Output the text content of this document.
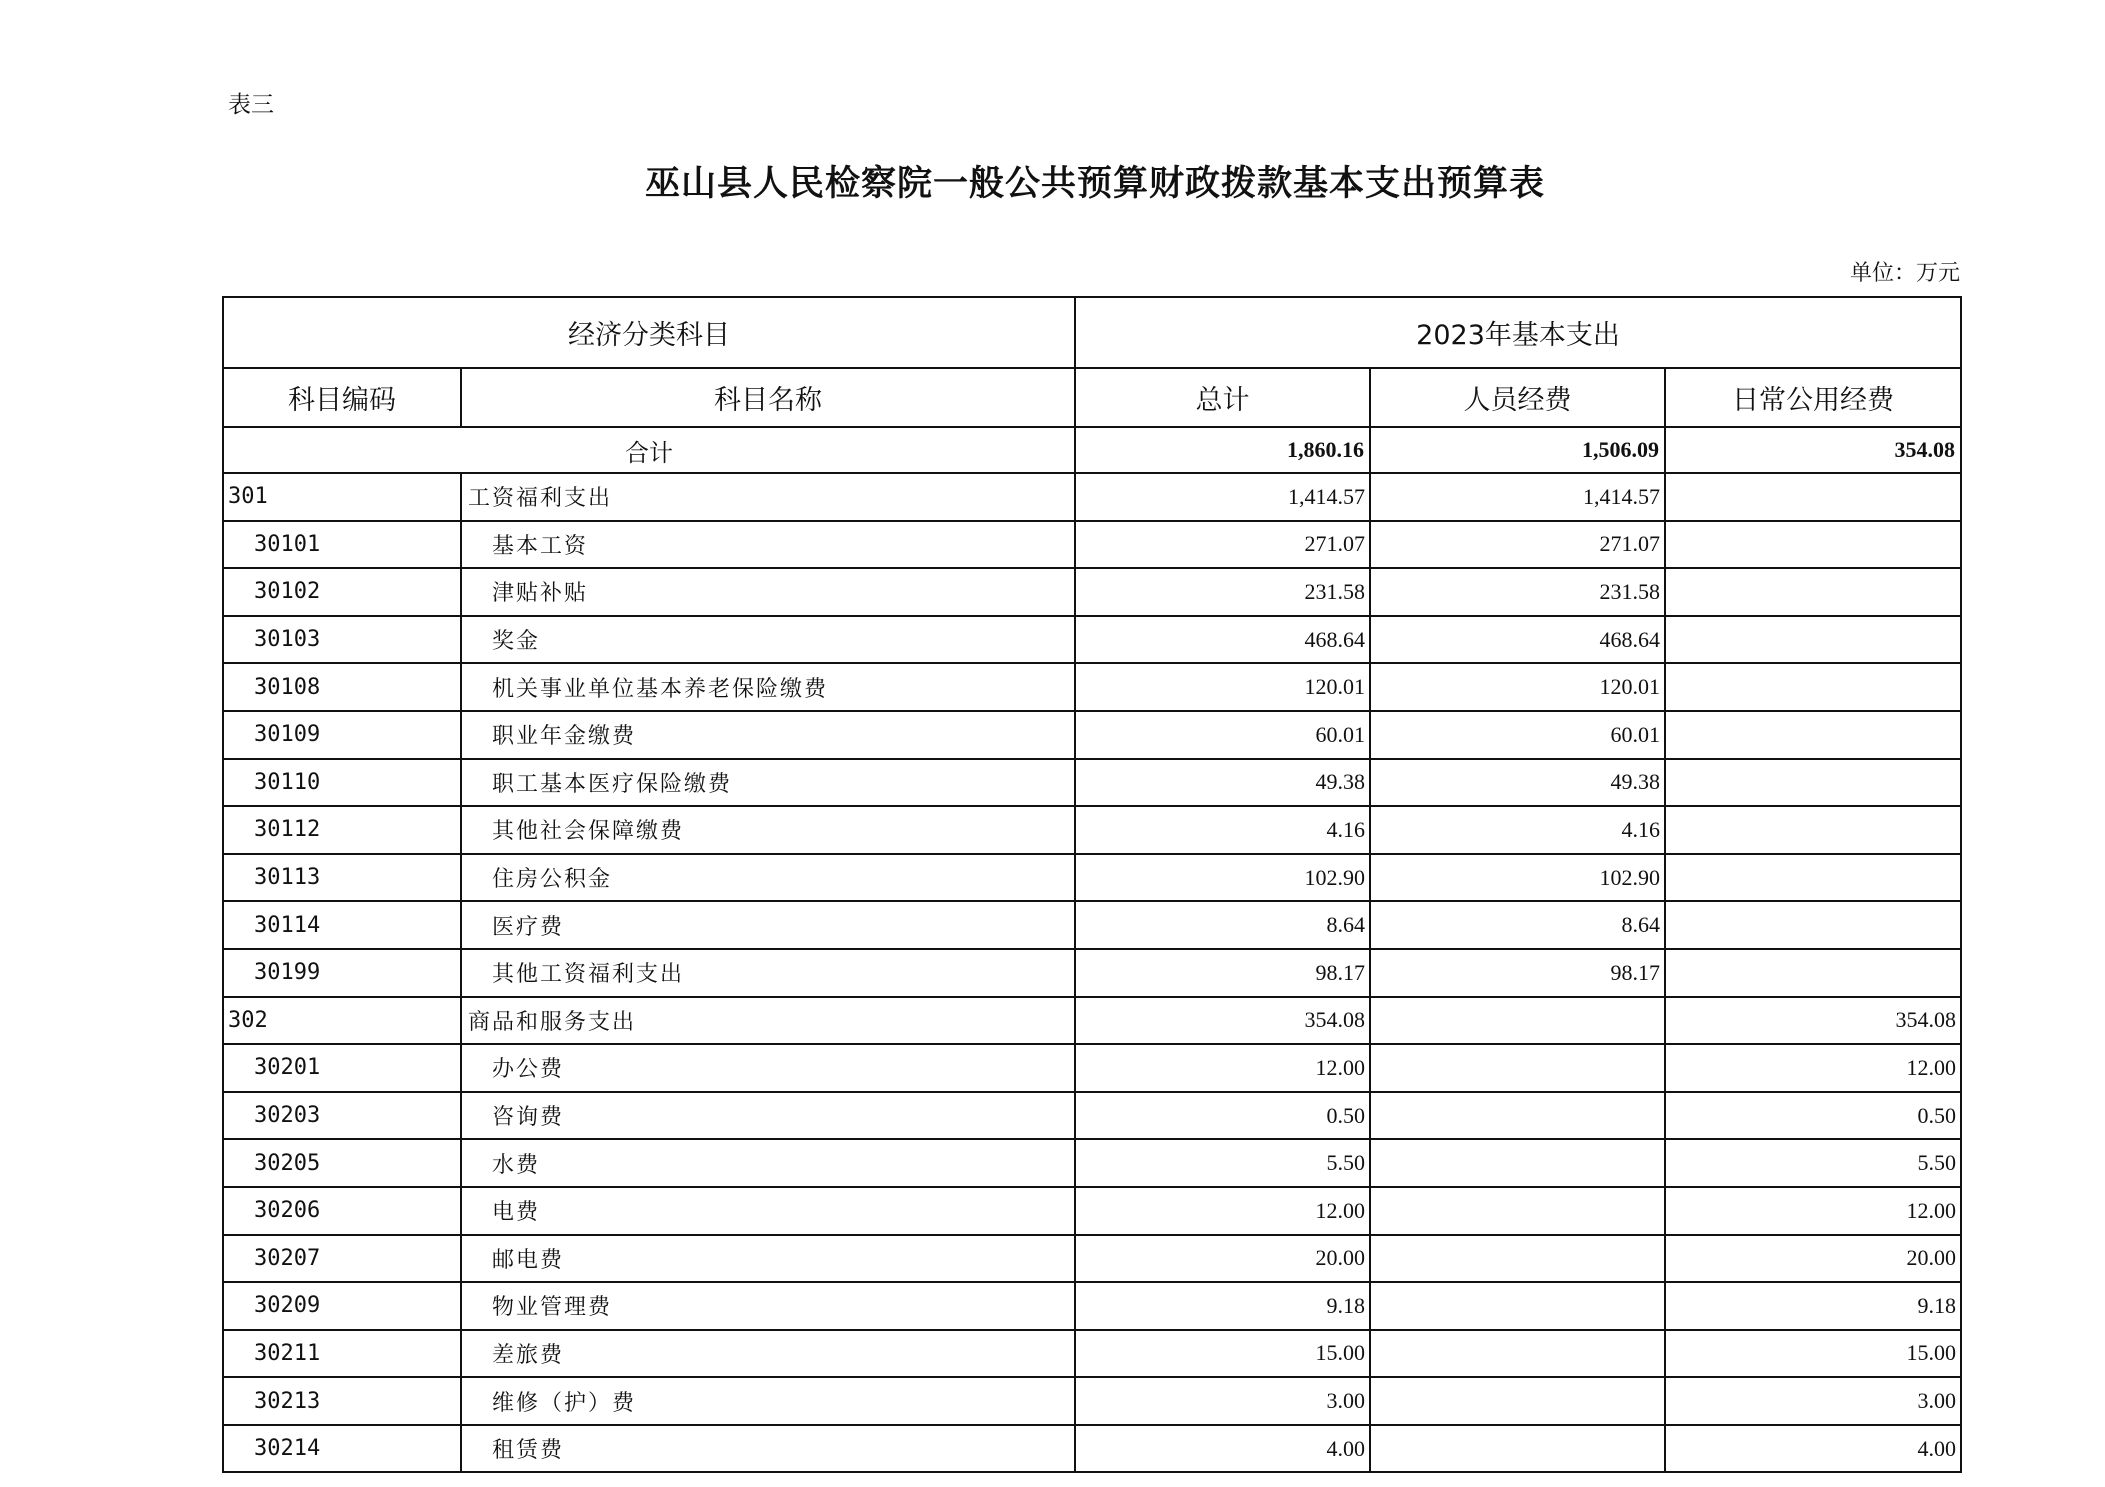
表三
巫山县人民检察院一般公共预算财政拨款基本支出预算表
单位：万元
经济分类科目		2023年基本支出		
科目编码	科目名称	总计	人员经费	日常公用经费
合计		1,860.16	1,506.09	354.08
301	工资福利支出	1,414.57	1,414.57	
30101	基本工资	271.07	271.07	
30102	津贴补贴	231.58	231.58	
30103	奖金	468.64	468.64	
30108	机关事业单位基本养老保险缴费	120.01	120.01	
30109	职业年金缴费	60.01	60.01	
30110	职工基本医疗保险缴费	49.38	49.38	
30112	其他社会保障缴费	4.16	4.16	
30113	住房公积金	102.90	102.90	
30114	医疗费	8.64	8.64	
30199	其他工资福利支出	98.17	98.17	
302	商品和服务支出	354.08		354.08
30201	办公费	12.00		12.00
30203	咨询费	0.50		0.50
30205	水费	5.50		5.50
30206	电费	12.00		12.00
30207	邮电费	20.00		20.00
30209	物业管理费	9.18		9.18
30211	差旅费	15.00		15.00
30213	维修（护）费	3.00		3.00
30214	租赁费	4.00		4.00
